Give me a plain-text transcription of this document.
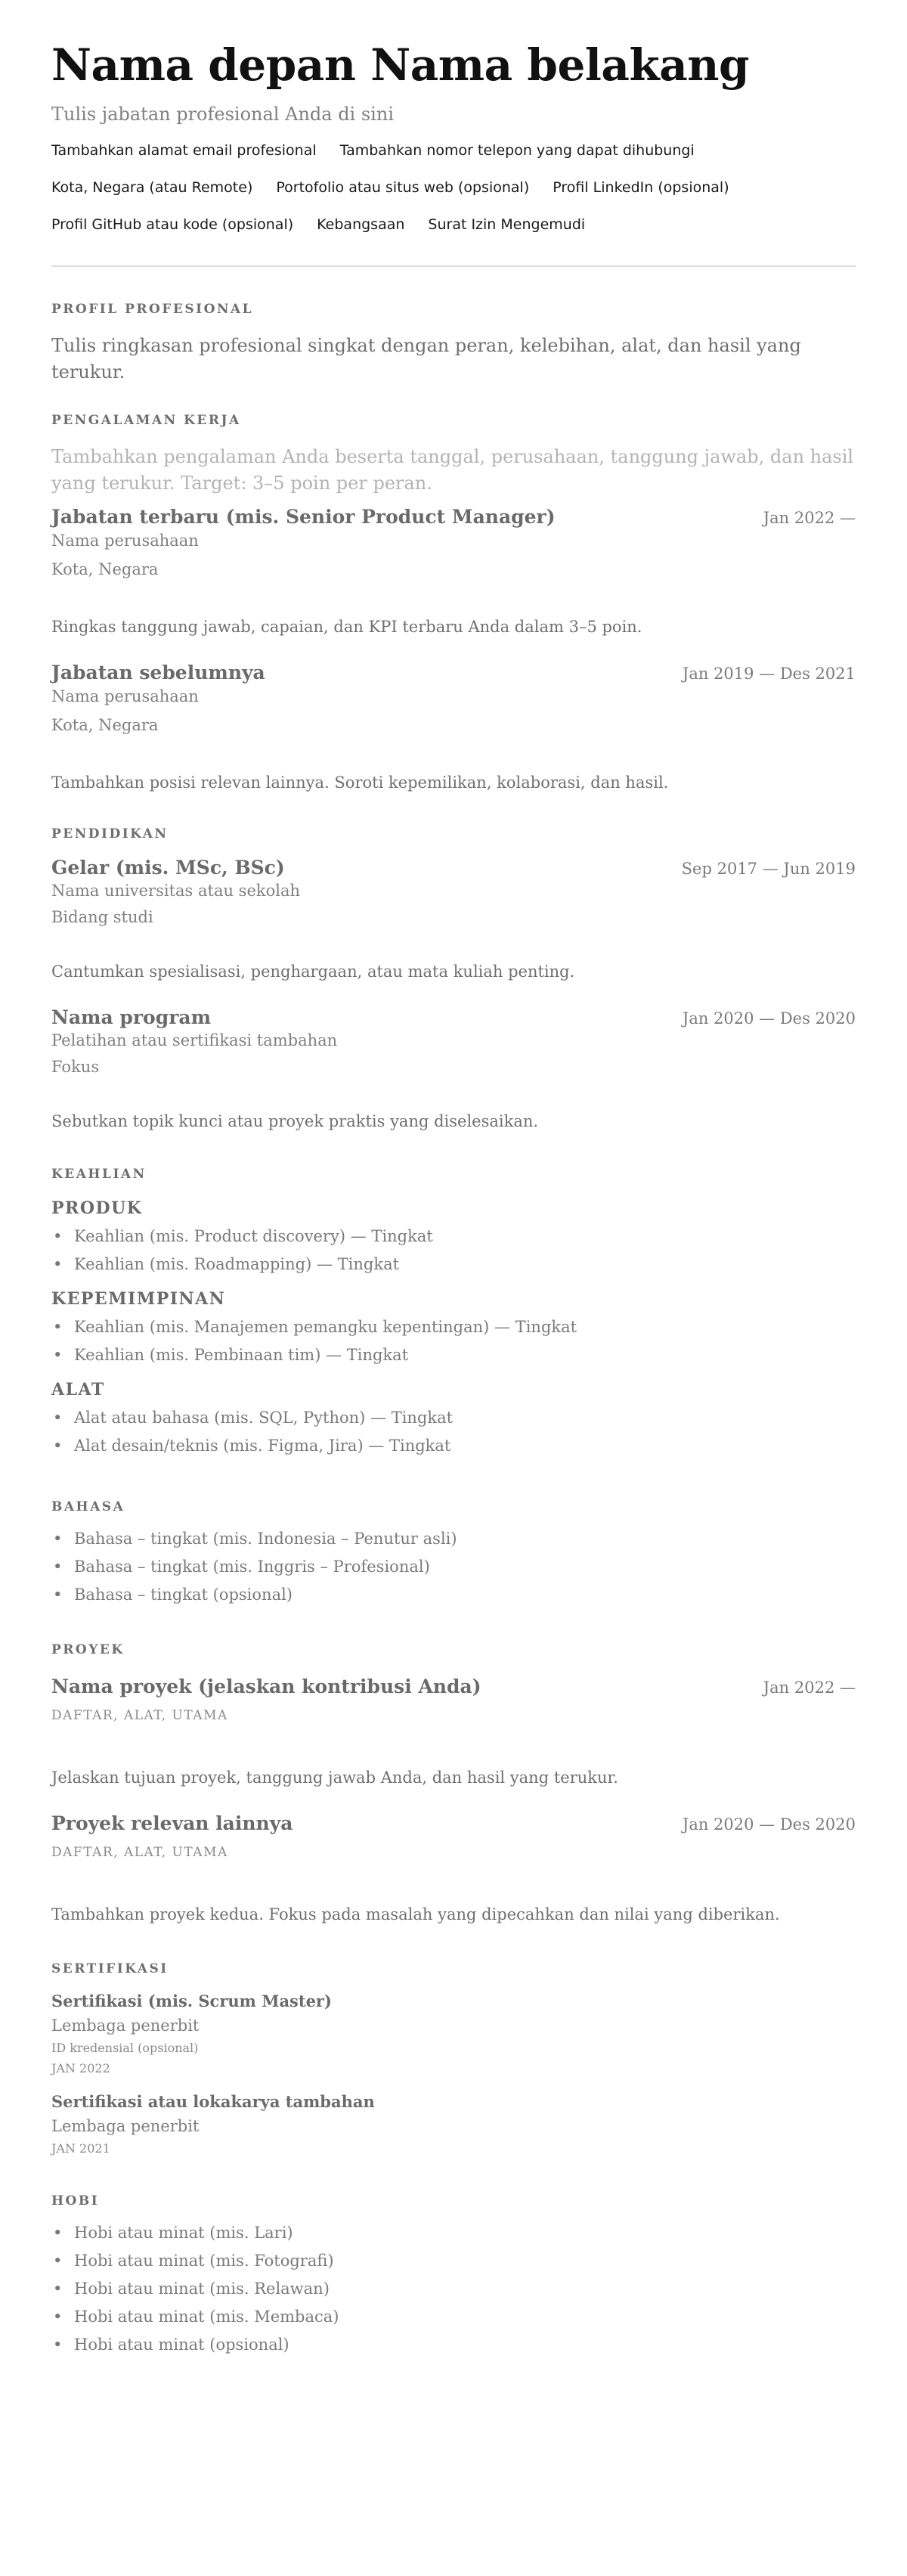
Nama depan Nama belakang
Tulis jabatan profesional Anda di sini
Tambahkan alamat email profesional Tambahkan nomor telepon yang dapat dihubungi
Kota, Negara (atau Remote) Portofolio atau situs web (opsional) Profil LinkedIn (opsional)
Profil GitHub atau kode (opsional) Kebangsaan Surat Izin Mengemudi
PROFIL PROFESIONAL
Tulis ringkasan profesional singkat dengan peran, kelebihan, alat, dan hasil yang terukur.
PENGALAMAN KERJA
Tambahkan pengalaman Anda beserta tanggal, perusahaan, tanggung jawab, dan hasil yang terukur. Target: 3–5 poin per peran.
Jabatan terbaru (mis. Senior Product Manager)	Jan 2022 —
Nama perusahaan
Kota, Negara
Ringkas tanggung jawab, capaian, dan KPI terbaru Anda dalam 3–5 poin.
Jabatan sebelumnya	Jan 2019 — Des 2021
Nama perusahaan
Kota, Negara
Tambahkan posisi relevan lainnya. Soroti kepemilikan, kolaborasi, dan hasil.
PENDIDIKAN
Gelar (mis. MSc, BSc)	Sep 2017 — Jun 2019
Nama universitas atau sekolah
Bidang studi
Cantumkan spesialisasi, penghargaan, atau mata kuliah penting.
Nama program	Jan 2020 — Des 2020
Pelatihan atau sertifikasi tambahan
Fokus
Sebutkan topik kunci atau proyek praktis yang diselesaikan.
KEAHLIAN
PRODUK
• Keahlian (mis. Product discovery) — Tingkat
• Keahlian (mis. Roadmapping) — Tingkat
KEPEMIMPINAN
• Keahlian (mis. Manajemen pemangku kepentingan) — Tingkat
• Keahlian (mis. Pembinaan tim) — Tingkat
ALAT
• Alat atau bahasa (mis. SQL, Python) — Tingkat
• Alat desain/teknis (mis. Figma, Jira) — Tingkat
BAHASA
• Bahasa – tingkat (mis. Indonesia – Penutur asli)
• Bahasa – tingkat (mis. Inggris – Profesional)
• Bahasa – tingkat (opsional)
PROYEK
Nama proyek (jelaskan kontribusi Anda)	Jan 2022 —
DAFTAR, ALAT, UTAMA
Jelaskan tujuan proyek, tanggung jawab Anda, dan hasil yang terukur.
Proyek relevan lainnya	Jan 2020 — Des 2020
DAFTAR, ALAT, UTAMA
Tambahkan proyek kedua. Fokus pada masalah yang dipecahkan dan nilai yang diberikan.
SERTIFIKASI
Sertifikasi (mis. Scrum Master)
Lembaga penerbit
ID kredensial (opsional)
JAN 2022
Sertifikasi atau lokakarya tambahan
Lembaga penerbit
JAN 2021
HOBI
• Hobi atau minat (mis. Lari)
• Hobi atau minat (mis. Fotografi)
• Hobi atau minat (mis. Relawan)
• Hobi atau minat (mis. Membaca)
• Hobi atau minat (opsional)
